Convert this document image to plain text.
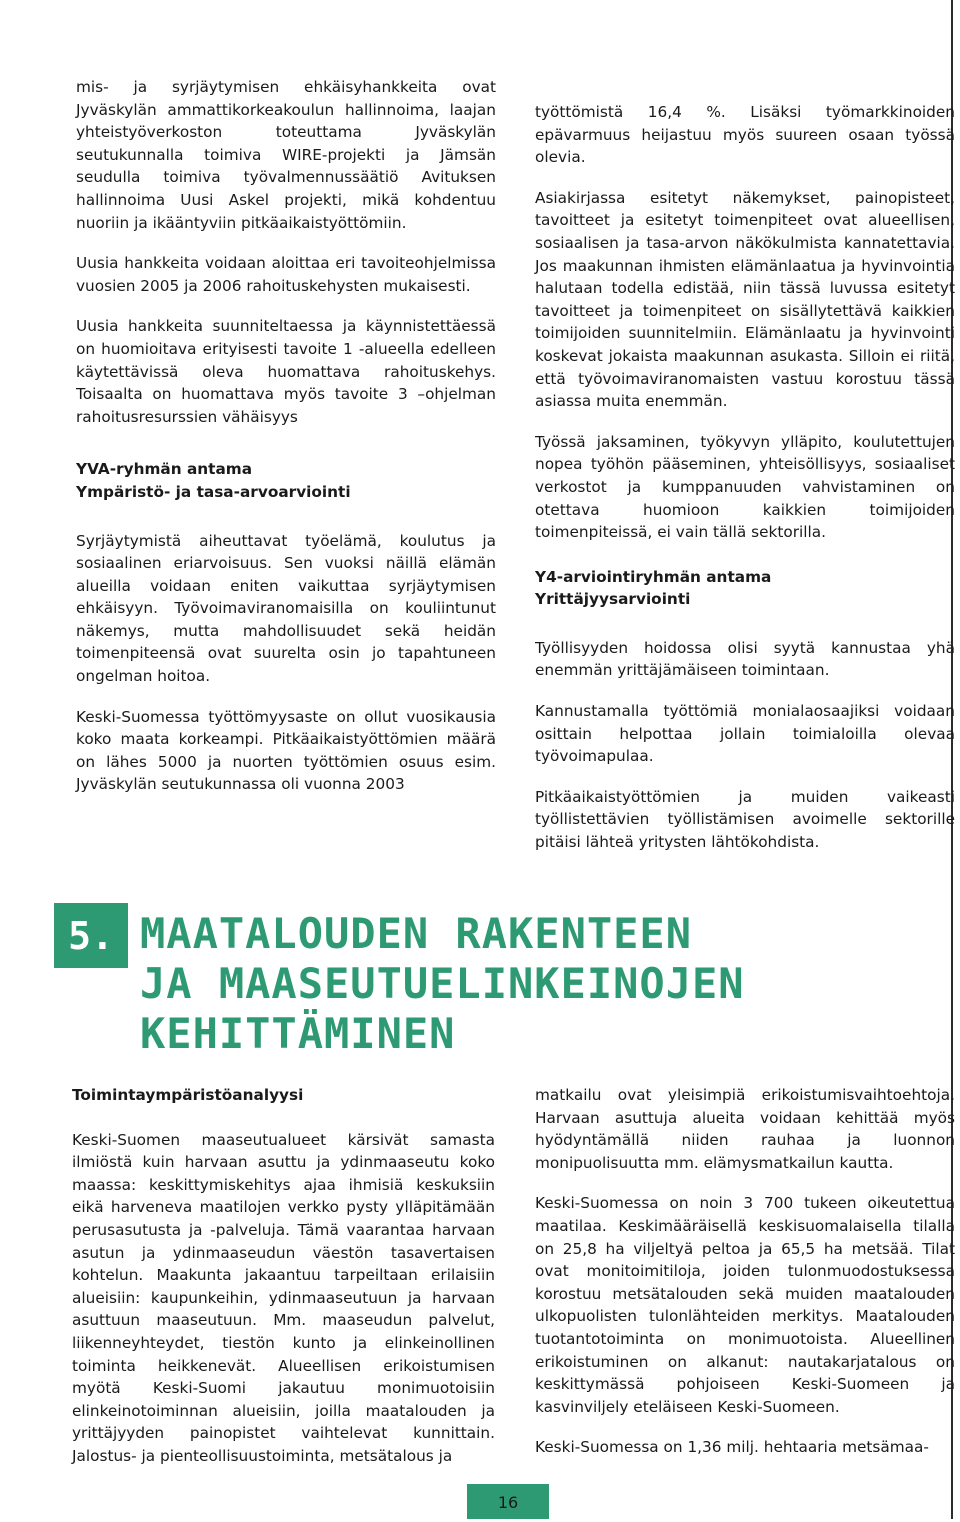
mis- ja syrjäytymisen ehkäisyhankkeita ovat Jyväskylän ammattikorkeakoulun hallinnoima, laajan yhteistyöverkoston toteuttama Jyväskylän seutukunnalla toimiva WIRE-projekti ja Jämsän seudulla toimiva työvalmennussäätiö Avituksen hallinnoima Uusi Askel projekti, mikä kohdentuu nuoriin ja ikääntyviin pitkäaikaistyöttömiin.

Uusia hankkeita voidaan aloittaa eri tavoiteohjelmissa vuosien 2005 ja 2006 rahoituskehysten mukaisesti.

Uusia hankkeita suunniteltaessa ja käynnistettäessä on huomioitava erityisesti tavoite 1 -alueella edelleen käytettävissä oleva huomattava rahoituskehys. Toisaalta on huomattava myös tavoite 3 –ohjelman rahoitusresurssien vähäisyys

YVA-ryhmän antama
Ympäristö- ja tasa-arvoarviointi

Syrjäytymistä aiheuttavat työelämä, koulutus ja sosiaalinen eriarvoisuus. Sen vuoksi näillä elämän alueilla voidaan eniten vaikuttaa syrjäytymisen ehkäisyyn. Työvoimaviranomaisilla on kouliintunut näkemys, mutta mahdollisuudet sekä heidän toimenpiteensä ovat suurelta osin jo tapahtuneen ongelman hoitoa.

Keski-Suomessa työttömyysaste on ollut vuosikausia koko maata korkeampi. Pitkäaikaistyöttömien määrä on lähes 5000 ja nuorten työttömien osuus esim. Jyväskylän seutukunnassa oli vuonna 2003

työttömistä 16,4 %. Lisäksi työmarkkinoiden epävarmuus heijastuu myös suureen osaan työssä olevia.

Asiakirjassa esitetyt näkemykset, painopisteet, tavoitteet ja esitetyt toimenpiteet ovat alueellisen, sosiaalisen ja tasa-arvon näkökulmista kannatettavia. Jos maakunnan ihmisten elämänlaatua ja hyvinvointia halutaan todella edistää, niin tässä luvussa esitetyt tavoitteet ja toimenpiteet on sisällytettävä kaikkien toimijoiden suunnitelmiin. Elämänlaatu ja hyvinvointi koskevat jokaista maakunnan asukasta. Silloin ei riitä, että työvoimaviranomaisten vastuu korostuu tässä asiassa muita enemmän.

Työssä jaksaminen, työkyvyn ylläpito, koulutettujen nopea työhön pääseminen, yhteisöllisyys, sosiaaliset verkostot ja kumppanuuden vahvistaminen on otettava huomioon kaikkien toimijoiden toimenpiteissä, ei vain tällä sektorilla.

Y4-arviointiryhmän antama
Yrittäjyysarviointi

Työllisyyden hoidossa olisi syytä kannustaa yhä enemmän yrittäjämäiseen toimintaan.

Kannustamalla työttömiä monialaosaajiksi voidaan osittain helpottaa jollain toimialoilla olevaa työvoimapulaa.

Pitkäaikaistyöttömien ja muiden vaikeasti työllistettävien työllistämisen avoimelle sektorille pitäisi lähteä yritysten lähtökohdista.

5. MAATALOUDEN RAKENTEEN
JA MAASEUTUELINKEINOJEN
KEHITTÄMINEN
Toimintaympäristöanalyysi

Keski-Suomen maaseutualueet kärsivät samasta ilmiöstä kuin harvaan asuttu ja ydinmaaseutu koko maassa: keskittymiskehitys ajaa ihmisiä keskuksiin eikä harveneva maatilojen verkko pysty ylläpitämään perusasutusta ja -palveluja. Tämä vaarantaa harvaan asutun ja ydinmaaseudun väestön tasavertaisen kohtelun. Maakunta jakaantuu tarpeiltaan erilaisiin alueisiin: kaupunkeihin, ydinmaaseutuun ja harvaan asuttuun maaseutuun. Mm. maaseudun palvelut, liikenneyhteydet, tiestön kunto ja elinkeinollinen toiminta heikkenevät. Alueellisen erikoistumisen myötä Keski-Suomi jakautuu monimuotoisiin elinkeinotoiminnan alueisiin, joilla maatalouden ja yrittäjyyden painopistet vaihtelevat kunnittain. Jalostus- ja pienteollisuustoiminta, metsätalous ja

matkailu ovat yleisimpiä erikoistumisvaihtoehtoja. Harvaan asuttuja alueita voidaan kehittää myös hyödyntämällä niiden rauhaa ja luonnon monipuolisuutta mm. elämysmatkailun kautta.

Keski-Suomessa on noin 3 700 tukeen oikeutettua maatilaa. Keskimääräisellä keskisuomalaisella tilalla on 25,8 ha viljeltyä peltoa ja 65,5 ha metsää. Tilat ovat monitoimitiloja, joiden tulonmuodostuksessa korostuu metsätalouden sekä muiden maatalouden ulkopuolisten tulonlähteiden merkitys. Maatalouden tuotantotoiminta on monimuotoista. Alueellinen erikoistuminen on alkanut: nautakarjatalous on keskittymässä pohjoiseen Keski-Suomeen ja kasvinviljely eteläiseen Keski-Suomeen.

Keski-Suomessa on 1,36 milj. hehtaaria metsämaa-

16
